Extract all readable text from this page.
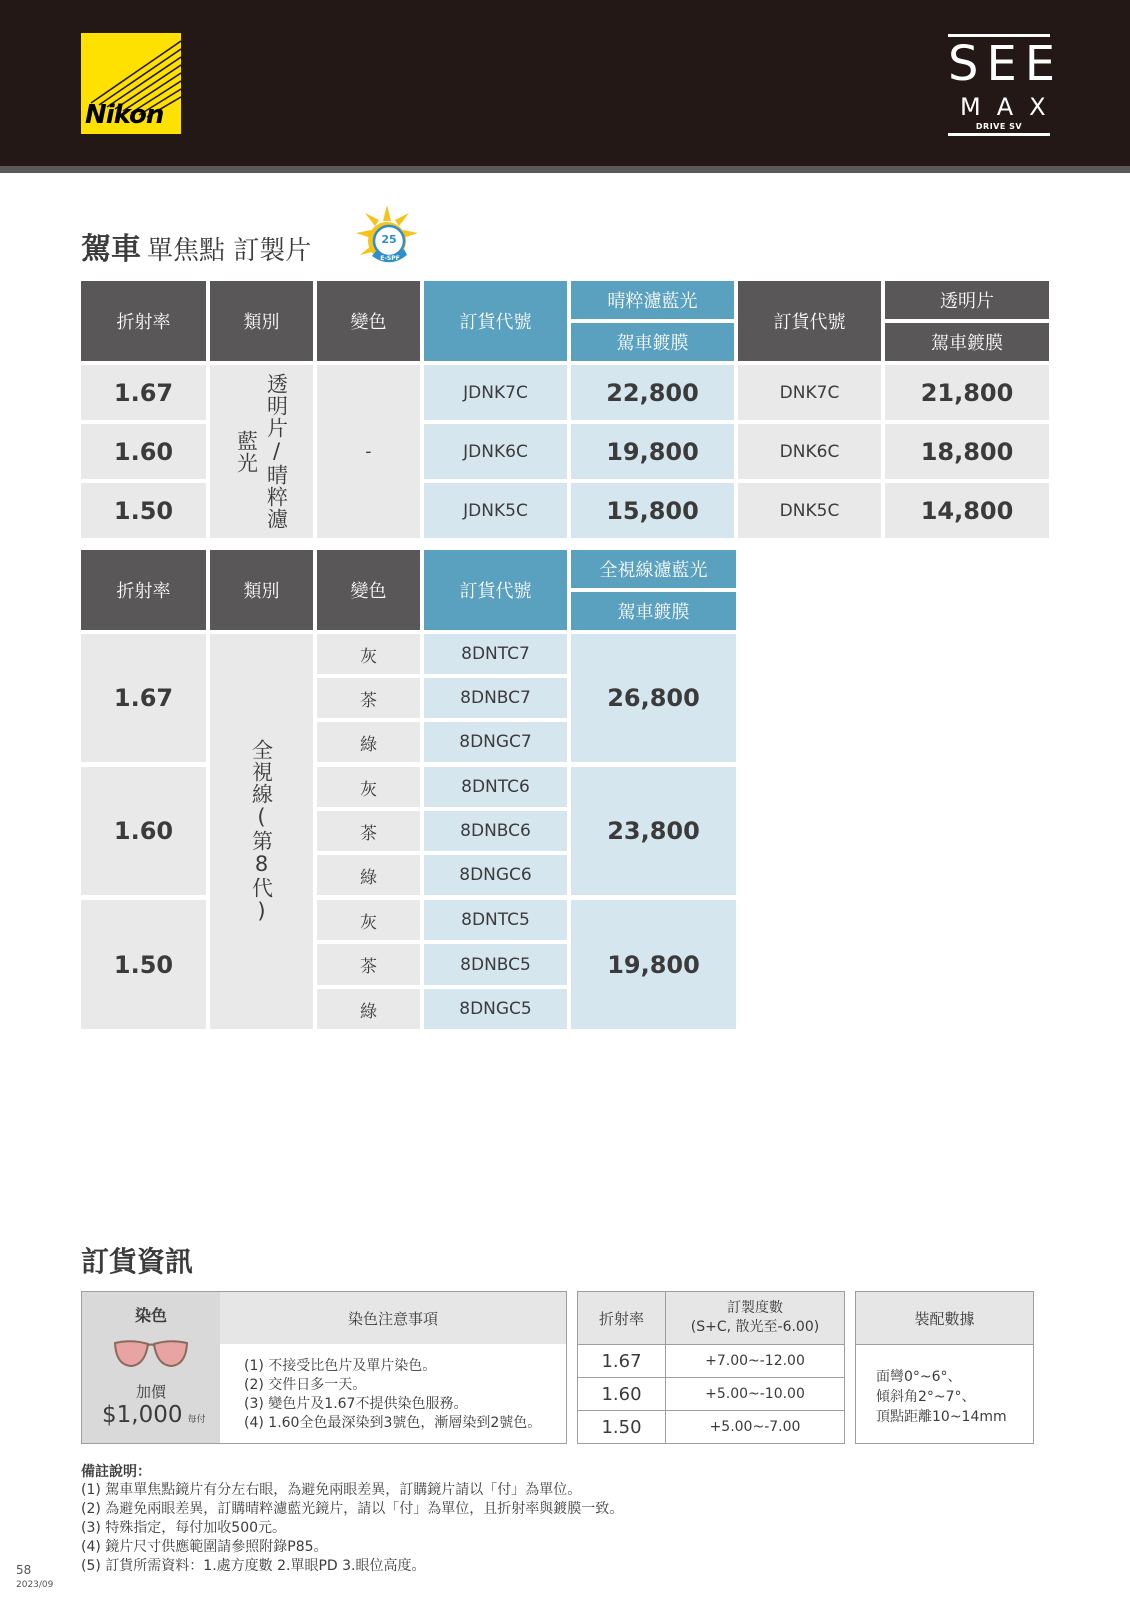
Nikon
SEE
MAX
DRIVE SV
駕車 單焦點 訂製片	25
E-SPF
折射率	類別	變色	訂貨代號
晴粹濾藍光
駕車鍍膜
訂貨代號
透明片
駕車鍍膜
透明片/晴粹濾藍光	-
1.67	JDNK7C	22,800	DNK7C	21,800
1.60	JDNK6C	19,800	DNK6C	18,800
1.50	JDNK5C	15,800	DNK5C	14,800
折射率	類別	變色	訂貨代號
全視線濾藍光
駕車鍍膜
全視線(第8代)
1.67	26,800
灰	8DNTC7
茶	8DNBC7
綠	8DNGC7
1.60	23,800
灰	8DNTC6
茶	8DNBC6
綠	8DNGC6
1.50	19,800
灰	8DNTC5
茶	8DNBC5
綠	8DNGC5
訂貨資訊
染色
加價
$1,000 每付
染色注意事項
(1) 不接受比色片及單片染色。
(2) 交件日多一天。
(3) 變色片及1.67不提供染色服務。
(4) 1.60全色最深染到3號色，漸層染到2號色。
折射率
訂製度數
(S+C, 散光至-6.00)
1.67	+7.00~-12.00
1.60	+5.00~-10.00
1.50	+5.00~-7.00
裝配數據
面彎0°~6°、
傾斜角2°~7°、
頂點距離10~14mm
備註說明：
(1) 駕車單焦點鏡片有分左右眼，為避免兩眼差異，訂購鏡片請以「付」為單位。
(2) 為避免兩眼差異，訂購晴粹濾藍光鏡片，請以「付」為單位，且折射率與鍍膜一致。
(3) 特殊指定，每付加收500元。
(4) 鏡片尺寸供應範圍請參照附錄P85。
(5) 訂貨所需資料：1.處方度數 2.單眼PD 3.眼位高度。
58
2023/09
